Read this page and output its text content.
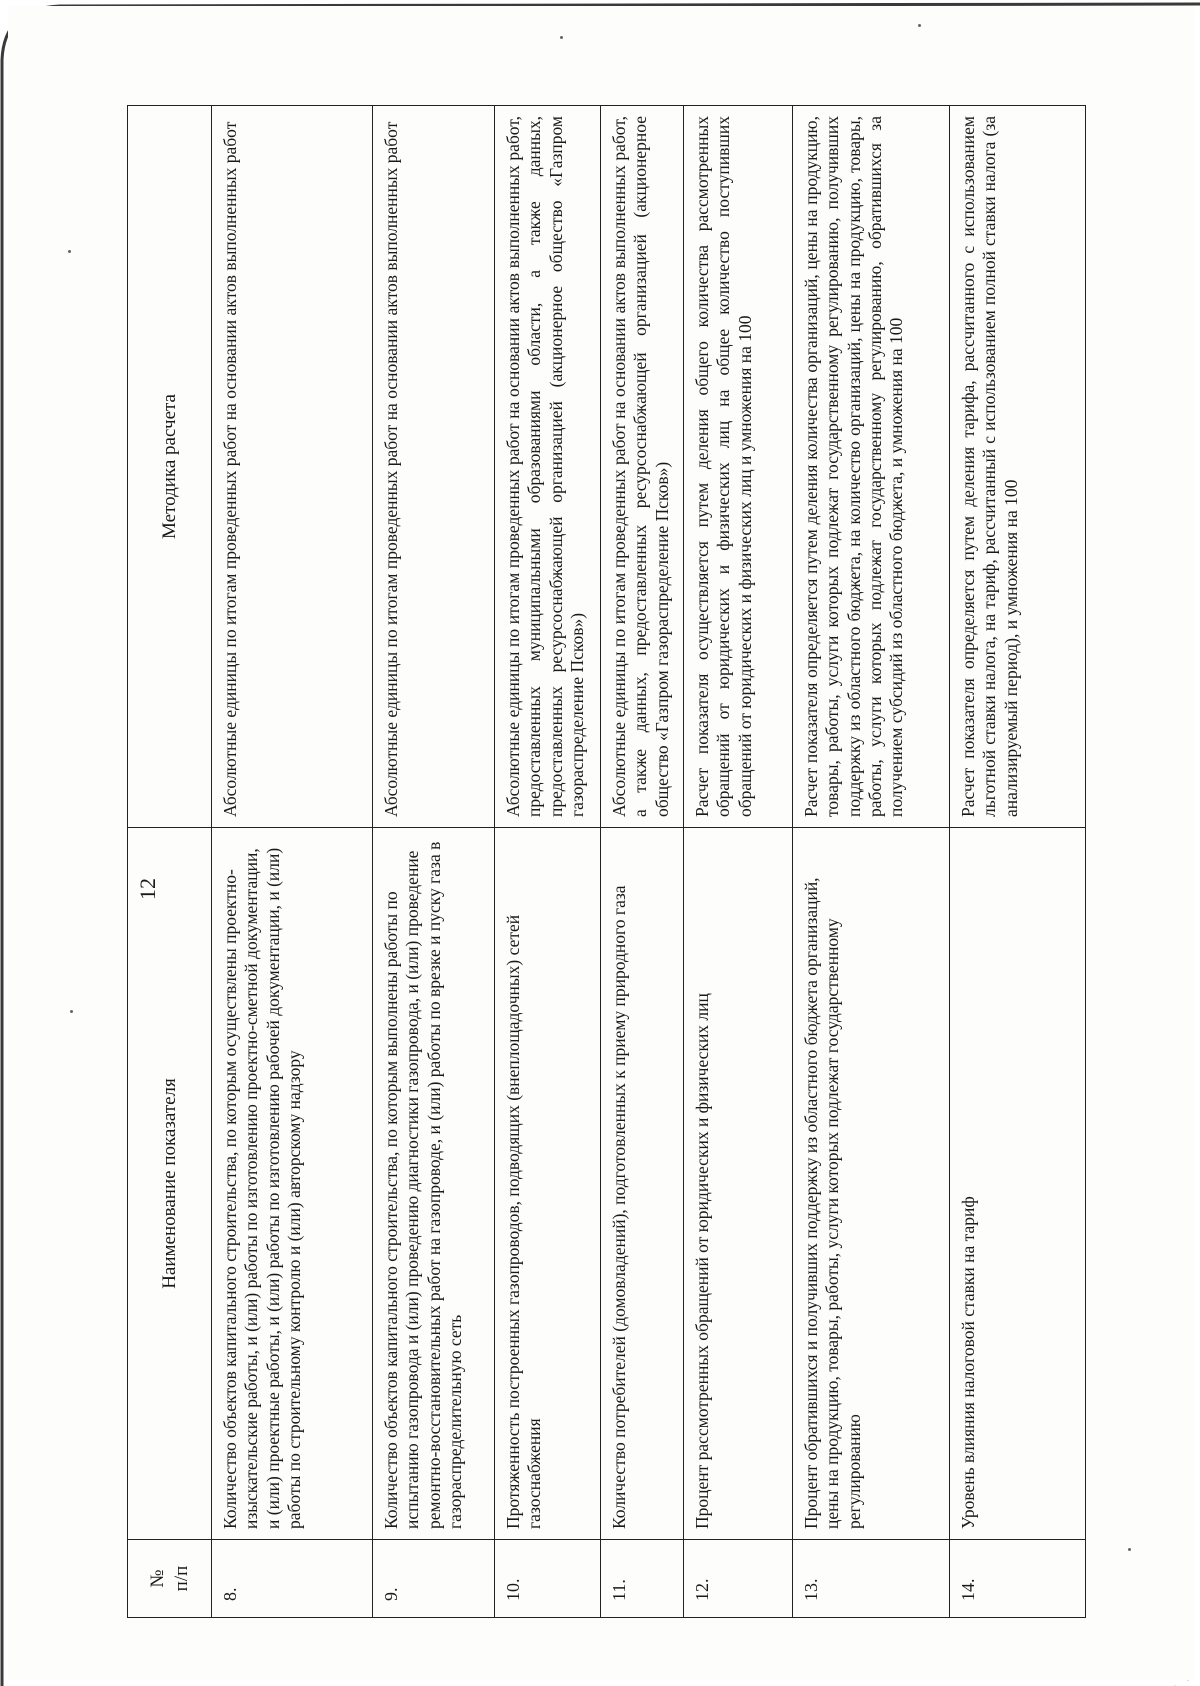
12
№
п/п	Наименование показателя	Методика расчета
8.	Количество объектов капитального строительства, по которым осуществлены проектно-изыскательские работы, и (или) работы по изготовлению проектно-сметной документации, и (или) проектные работы, и (или) работы по изготовлению рабочей документации, и (или) работы по строительному контролю и (или) авторскому надзору	Абсолютные единицы по итогам проведенных работ на основании актов выполненных работ
9.	Количество объектов капитального строительства, по которым выполнены работы по испытанию газопровода и (или) проведению диагностики газопровода, и (или) проведение ремонтно-восстановительных работ на газопроводе, и (или) работы по врезке и пуску газа в газораспределительную сеть	Абсолютные единицы по итогам проведенных работ на основании актов выполненных работ
10.	Протяженность построенных газопроводов, подводящих (внеплощадочных) сетей газоснабжения	Абсолютные единицы по итогам проведенных работ на основании актов выполненных работ, предоставленных муниципальными образованиями области, а также данных, предоставленных ресурсоснабжающей организацией (акционерное общество «Газпром газораспределение Псков»)
11.	Количество потребителей (домовладений), подготовленных к приему природного газа	Абсолютные единицы по итогам проведенных работ на основании актов выполненных работ, а также данных, предоставленных ресурсоснабжающей организацией (акционерное общество «Газпром газораспределение Псков»)
12.	Процент рассмотренных обращений от юридических и физических лиц	Расчет показателя осуществляется путем деления общего количества рассмотренных обращений от юридических и физических лиц на общее количество поступивших обращений от юридических и физических лиц и умножения на 100
13.	Процент обратившихся и получивших поддержку из областного бюджета организаций, цены на продукцию, товары, работы, услуги которых подлежат государственному регулированию	Расчет показателя определяется путем деления количества организаций, цены на продукцию, товары, работы, услуги которых подлежат государственному регулированию, получивших поддержку из областного бюджета, на количество организаций, цены на продукцию, товары, работы, услуги которых подлежат государственному регулированию, обратившихся за получением субсидий из областного бюджета, и умножения на 100
14.	Уровень влияния налоговой ставки на тариф	Расчет показателя определяется путем деления тарифа, рассчитанного с использованием льготной ставки налога, на тариф, рассчитанный с использованием полной ставки налога (за анализируемый период), и умножения на 100
